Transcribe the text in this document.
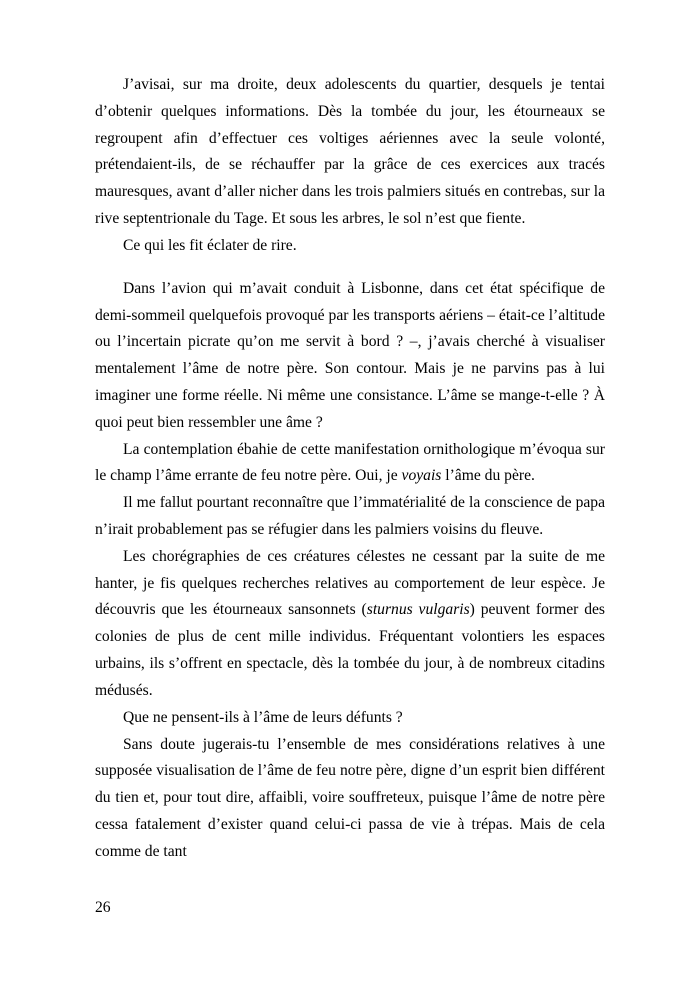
J’avisai, sur ma droite, deux adolescents du quartier, desquels je tentai d’obtenir quelques informations. Dès la tombée du jour, les étourneaux se regroupent afin d’effectuer ces voltiges aériennes avec la seule volonté, prétendaient-ils, de se réchauffer par la grâce de ces exercices aux tracés mauresques, avant d’aller nicher dans les trois palmiers situés en contrebas, sur la rive septentrionale du Tage. Et sous les arbres, le sol n’est que fiente.

Ce qui les fit éclater de rire.

Dans l’avion qui m’avait conduit à Lisbonne, dans cet état spécifique de demi-sommeil quelquefois provoqué par les transports aériens – était-ce l’altitude ou l’incertain picrate qu’on me servit à bord ? –, j’avais cherché à visualiser mentalement l’âme de notre père. Son contour. Mais je ne parvins pas à lui imaginer une forme réelle. Ni même une consistance. L’âme se mange-t-elle ? À quoi peut bien ressembler une âme ?

La contemplation ébahie de cette manifestation ornithologique m’évoqua sur le champ l’âme errante de feu notre père. Oui, je voyais l’âme du père.

Il me fallut pourtant reconnaître que l’immatérialité de la conscience de papa n’irait probablement pas se réfugier dans les palmiers voisins du fleuve.

Les chorégraphies de ces créatures célestes ne cessant par la suite de me hanter, je fis quelques recherches relatives au comportement de leur espèce. Je découvris que les étourneaux sansonnets (sturnus vulgaris) peuvent former des colonies de plus de cent mille individus. Fréquentant volontiers les espaces urbains, ils s’offrent en spectacle, dès la tombée du jour, à de nombreux citadins médusés.

Que ne pensent-ils à l’âme de leurs défunts ?

Sans doute jugerais-tu l’ensemble de mes considérations relatives à une supposée visualisation de l’âme de feu notre père, digne d’un esprit bien différent du tien et, pour tout dire, affaibli, voire souffreteux, puisque l’âme de notre père cessa fatalement d’exister quand celui-ci passa de vie à trépas. Mais de cela comme de tant

26
